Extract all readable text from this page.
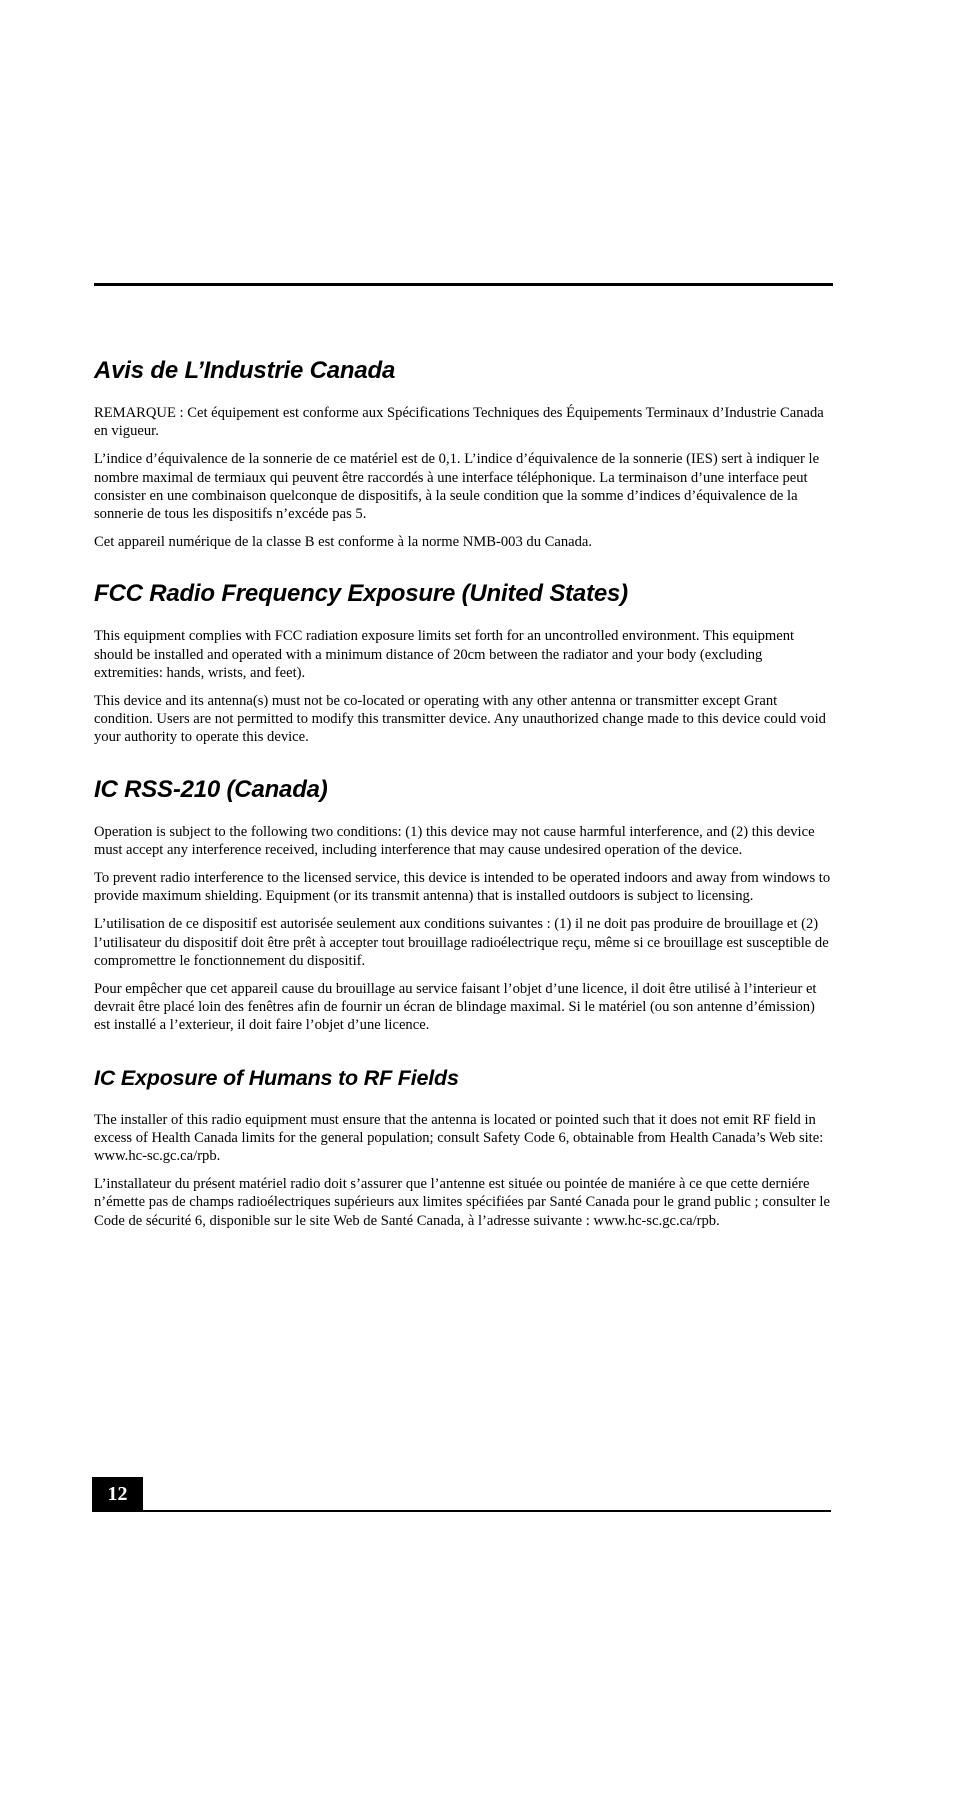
Avis de L’Industrie Canada

REMARQUE : Cet équipement est conforme aux Spécifications Techniques des Équipements Terminaux d’Industrie Canada en vigueur.

L’indice d’équivalence de la sonnerie de ce matériel est de 0,1. L’indice d’équivalence de la sonnerie (IES) sert à indiquer le nombre maximal de termiaux qui peuvent être raccordés à une interface téléphonique. La terminaison d’une interface peut consister en une combinaison quelconque de dispositifs, à la seule condition que la somme d’indices d’équivalence de la sonnerie de tous les dispositifs n’excéde pas 5.

Cet appareil numérique de la classe B est conforme à la norme NMB-003 du Canada.

FCC Radio Frequency Exposure (United States)

This equipment complies with FCC radiation exposure limits set forth for an uncontrolled environment. This equipment should be installed and operated with a minimum distance of 20cm between the radiator and your body (excluding extremities: hands, wrists, and feet).

This device and its antenna(s) must not be co-located or operating with any other antenna or transmitter except Grant condition. Users are not permitted to modify this transmitter device. Any unauthorized change made to this device could void your authority to operate this device.

IC RSS-210 (Canada)

Operation is subject to the following two conditions: (1) this device may not cause harmful interference, and (2) this device must accept any interference received, including interference that may cause undesired operation of the device.

To prevent radio interference to the licensed service, this device is intended to be operated indoors and away from windows to provide maximum shielding. Equipment (or its transmit antenna) that is installed outdoors is subject to licensing.

L’utilisation de ce dispositif est autorisée seulement aux conditions suivantes : (1) il ne doit pas produire de brouillage et (2) l’utilisateur du dispositif doit être prêt à accepter tout brouillage radioélectrique reçu, même si ce brouillage est susceptible de compromettre le fonctionnement du dispositif.

Pour empêcher que cet appareil cause du brouillage au service faisant l’objet d’une licence, il doit être utilisé à l’interieur et devrait être placé loin des fenêtres afin de fournir un écran de blindage maximal. Si le matériel (ou son antenne d’émission) est installé a l’exterieur, il doit faire l’objet d’une licence.

IC Exposure of Humans to RF Fields

The installer of this radio equipment must ensure that the antenna is located or pointed such that it does not emit RF field in excess of Health Canada limits for the general population; consult Safety Code 6, obtainable from Health Canada’s Web site: www.hc-sc.gc.ca/rpb.

L’installateur du présent matériel radio doit s’assurer que l’antenne est située ou pointée de maniére à ce que cette derniére n’émette pas de champs radioélectriques supérieurs aux limites spécifiées par Santé Canada pour le grand public ; consulter le Code de sécurité 6, disponible sur le site Web de Santé Canada, à l’adresse suivante : www.hc-sc.gc.ca/rpb.

12
